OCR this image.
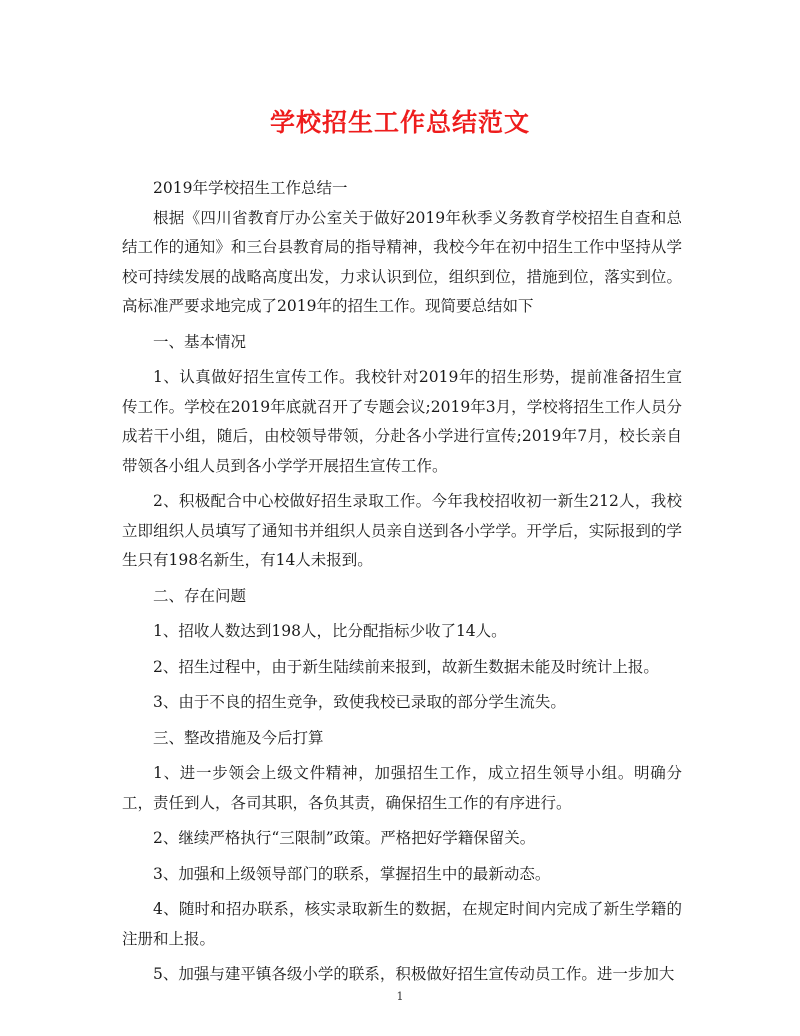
学校招生工作总结范文

2019年学校招生工作总结一

根据《四川省教育厅办公室关于做好2019年秋季义务教育学校招生自查和总结工作的通知》和三台县教育局的指导精神，我校今年在初中招生工作中坚持从学校可持续发展的战略高度出发，力求认识到位，组织到位，措施到位，落实到位。高标准严要求地完成了2019年的招生工作。现简要总结如下

一、基本情况

1、认真做好招生宣传工作。我校针对2019年的招生形势，提前准备招生宣传工作。学校在2019年底就召开了专题会议;2019年3月，学校将招生工作人员分成若干小组，随后，由校领导带领，分赴各小学进行宣传;2019年7月，校长亲自带领各小组人员到各小学学开展招生宣传工作。

2、积极配合中心校做好招生录取工作。今年我校招收初一新生212人，我校立即组织人员填写了通知书并组织人员亲自送到各小学学。开学后，实际报到的学生只有198名新生，有14人未报到。

二、存在问题

1、招收人数达到198人，比分配指标少收了14人。

2、招生过程中，由于新生陆续前来报到，故新生数据未能及时统计上报。

3、由于不良的招生竞争，致使我校已录取的部分学生流失。

三、整改措施及今后打算

1、进一步领会上级文件精神，加强招生工作，成立招生领导小组。明确分工，责任到人，各司其职，各负其责，确保招生工作的有序进行。

2、继续严格执行“三限制”政策。严格把好学籍保留关。

3、加强和上级领导部门的联系，掌握招生中的最新动态。

4、随时和招办联系，核实录取新生的数据，在规定时间内完成了新生学籍的注册和上报。

5、加强与建平镇各级小学的联系，积极做好招生宣传动员工作。进一步加大

1
